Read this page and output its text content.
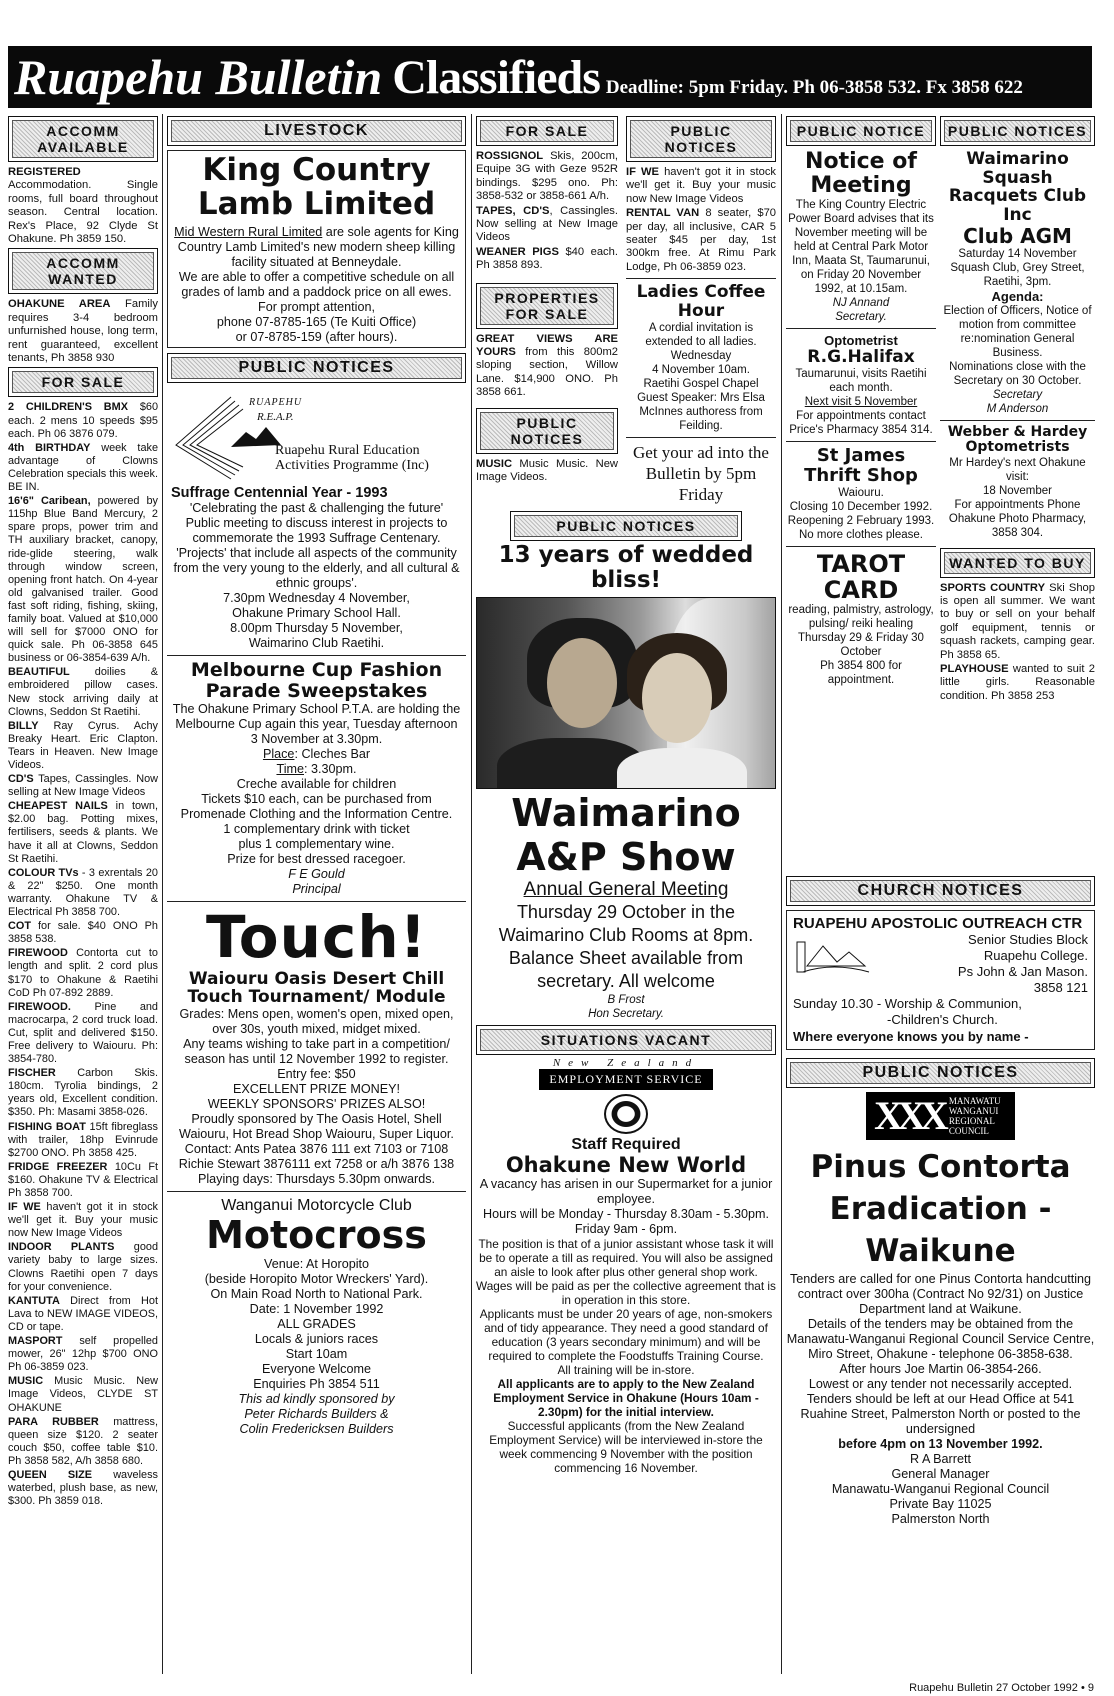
Ruapehu Bulletin Classifieds Deadline: 5pm Friday. Ph 06-3858 532. Fx 3858 622
ACCOMM AVAILABLE

REGISTERED Accommodation. Single rooms, full board throughout season. Central location. Rex's Place, 92 Clyde St Ohakune. Ph 3859 150.

ACCOMM WANTED

OHAKUNE AREA Family requires 3-4 bedroom unfurnished house, long term, rent guaranteed, excellent tenants, Ph 3858 930

FOR SALE

2 CHILDREN'S BMX $60 each. 2 mens 10 speeds $95 each. Ph 06 3876 079.

4th BIRTHDAY week take advantage of Clowns Celebration specials this week. BE IN.

16'6" Caribean, powered by 115hp Blue Band Mercury, 2 spare props, power trim and TH auxiliary bracket, canopy, ride-glide steering, walk through window screen, opening front hatch. On 4-year old galvanised trailer. Good fast soft riding, fishing, skiing, family boat. Valued at $10,000 will sell for $7000 ONO for quick sale. Ph 06-3858 645 business or 06-3854-639 A/h.

BEAUTIFUL doilies & embroidered pillow cases. New stock arriving daily at Clowns, Seddon St Raetihi.

BILLY Ray Cyrus. Achy Breaky Heart. Eric Clapton. Tears in Heaven. New Image Videos.

CD'S Tapes, Cassingles. Now selling at New Image Videos

CHEAPEST NAILS in town, $2.00 bag. Potting mixes, fertilisers, seeds & plants. We have it all at Clowns, Seddon St Raetihi.

COLOUR TVs - 3 exrentals 20 & 22" $250. One month warranty. Ohakune TV & Electrical Ph 3858 700.

COT for sale. $40 ONO Ph 3858 538.

FIREWOOD Contorta cut to length and split. 2 cord plus $170 to Ohakune & Raetihi CoD Ph 07-892 2889.

FIREWOOD. Pine and macrocarpa, 2 cord truck load. Cut, split and delivered $150. Free delivery to Waiouru. Ph: 3854-780.

FISCHER Carbon Skis. 180cm. Tyrolia bindings, 2 years old, Excellent condition. $350. Ph: Masami 3858-026.

FISHING BOAT 15ft fibreglass with trailer, 18hp Evinrude $2700 ONO. Ph 3858 425.

FRIDGE FREEZER 10Cu Ft $160. Ohakune TV & Electrical Ph 3858 700.

IF WE haven't got it in stock we'll get it. Buy your music now New Image Videos

INDOOR PLANTS good variety baby to large sizes. Clowns Raetihi open 7 days for your convenience.

KANTUTA Direct from Hot Lava to NEW IMAGE VIDEOS, CD or tape.

MASPORT self propelled mower, 26" 12hp $700 ONO Ph 06-3859 023.

MUSIC Music Music. New Image Videos, CLYDE ST OHAKUNE

PARA RUBBER mattress, queen size $120. 2 seater couch $50, coffee table $10. Ph 3858 582, A/h 3858 680.

QUEEN SIZE waveless waterbed, plush base, as new, $300. Ph 3859 018.

LIVESTOCK
King Country Lamb Limited
Mid Western Rural Limited are sole agents for King Country Lamb Limited's new modern sheep killing facility situated at Benneydale.
We are able to offer a competitive schedule on all grades of lamb and a paddock price on all ewes.
For prompt attention,
phone 07-8785-165 (Te Kuiti Office)
or 07-8785-159 (after hours).
PUBLIC NOTICES
RUAPEHU
R.E.A.P.
Ruapehu Rural Education
Activities Programme (Inc)
Suffrage Centennial Year - 1993
'Celebrating the past & challenging the future' Public meeting to discuss interest in projects to commemorate the 1993 Suffrage Centenary. 'Projects' that include all aspects of the community from the very young to the elderly, and all cultural & ethnic groups'.
7.30pm Wednesday 4 November,
Ohakune Primary School Hall.
8.00pm Thursday 5 November,
Waimarino Club Raetihi.
Melbourne Cup Fashion Parade Sweepstakes
The Ohakune Primary School P.T.A. are holding the Melbourne Cup again this year, Tuesday afternoon 3 November at 3.30pm.
Place: Cleches Bar
Time: 3.30pm.
Creche available for children
Tickets $10 each, can be purchased from Promenade Clothing and the Information Centre.
1 complementary drink with ticket
plus 1 complementary wine.
Prize for best dressed racegoer.
F E Gould
Principal
Touch!
Waiouru Oasis Desert Chill Touch Tournament/ Module
Grades: Mens open, women's open, mixed open, over 30s, youth mixed, midget mixed.
Any teams wishing to take part in a competition/ season has until 12 November 1992 to register.
Entry fee: $50
EXCELLENT PRIZE MONEY!
WEEKLY SPONSORS' PRIZES ALSO!
Proudly sponsored by The Oasis Hotel, Shell Waiouru, Hot Bread Shop Waiouru, Super Liquor.
Contact: Ants Patea 3876 111 ext 7103 or 7108 Richie Stewart 3876111 ext 7258 or a/h 3876 138
Playing days: Thursdays 5.30pm onwards.
Wanganui Motorcycle Club
Motocross
Venue: At Horopito
(beside Horopito Motor Wreckers' Yard).
On Main Road North to National Park.
Date: 1 November 1992
ALL GRADES
Locals & juniors races
Start 10am
Everyone Welcome
Enquiries Ph 3854 511
This ad kindly sponsored by
Peter Richards Builders &
Colin Fredericksen Builders
FOR SALE

ROSSIGNOL Skis, 200cm, Equipe 3G with Geze 952R bindings. $295 ono. Ph: 3858-532 or 3858-661 A/h.

TAPES, CD'S, Cassingles. Now selling at New Image Videos

WEANER PIGS $40 each. Ph 3858 893.

PROPERTIES FOR SALE

GREAT VIEWS ARE YOURS from this 800m2 sloping section, Willow Lane. $14,900 ONO. Ph 3858 661.

PUBLIC NOTICES

MUSIC Music Music. New Image Videos.

PUBLIC NOTICES

IF WE haven't got it in stock we'll get it. Buy your music now New Image Videos

RENTAL VAN 8 seater, $70 per day, all inclusive, CAR 5 seater $45 per day, 1st 300km free. At Rimu Park Lodge, Ph 06-3859 023.

Ladies Coffee Hour
A cordial invitation is extended to all ladies.
Wednesday
4 November 10am.
Raetihi Gospel Chapel
Guest Speaker: Mrs Elsa McInnes authoress from Feilding.
Get your ad into the Bulletin by 5pm Friday
PUBLIC NOTICES
13 years of wedded bliss!
Waimarino
A&P Show
Annual General Meeting
Thursday 29 October in the Waimarino Club Rooms at 8pm. Balance Sheet available from secretary. All welcome
B Frost
Hon Secretary.
SITUATIONS VACANT
New Zealand
EMPLOYMENT SERVICE
Staff Required
Ohakune New World
A vacancy has arisen in our Supermarket for a junior employee.
Hours will be Monday - Thursday 8.30am - 5.30pm. Friday 9am - 6pm.
The position is that of a junior assistant whose task it will be to operate a till as required. You will also be assigned an aisle to look after plus other general shop work.
Wages will be paid as per the collective agreement that is in operation in this store.
Applicants must be under 20 years of age, non-smokers and of tidy appearance. They need a good standard of education (3 years secondary minimum) and will be required to complete the Foodstuffs Training Course.
All training will be in-store.
All applicants are to apply to the New Zealand Employment Service in Ohakune (Hours 10am - 2.30pm) for the initial interview.
Successful applicants (from the New Zealand Employment Service) will be interviewed in-store the week commencing 9 November with the position commencing 16 November.
PUBLIC NOTICE
Notice of Meeting
The King Country Electric Power Board advises that its November meeting will be held at Central Park Motor Inn, Maata St, Taumarunui, on Friday 20 November 1992, at 10.15am.
NJ Annand
Secretary.
Optometrist
R.G.Halifax
Taumarunui, visits Raetihi each month.
Next visit 5 November
For appointments contact Price's Pharmacy 3854 314.
St James Thrift Shop
Waiouru.
Closing 10 December 1992. Reopening 2 February 1993.
No more clothes please.
TAROT CARD
reading, palmistry, astrology, pulsing/ reiki healing
Thursday 29 & Friday 30 October
Ph 3854 800 for appointment.
PUBLIC NOTICES
Waimarino Squash Racquets Club Inc
Club AGM
Saturday 14 November Squash Club, Grey Street, Raetihi, 3pm.
Agenda:
Election of Officers, Notice of motion from committee re:nomination General Business.
Nominations close with the Secretary on 30 October.
Secretary
M Anderson
Webber & Hardey Optometrists
Mr Hardey's next Ohakune visit:
18 November
For appointments Phone Ohakune Photo Pharmacy, 3858 304.
WANTED TO BUY

SPORTS COUNTRY Ski Shop is open all summer. We want to buy or sell on your behalf golf equipment, tennis or squash rackets, camping gear. Ph 3858 65.

PLAYHOUSE wanted to suit 2 little girls. Reasonable condition. Ph 3858 253

CHURCH NOTICES
RUAPEHU APOSTOLIC OUTREACH CTR
Senior Studies Block
Ruapehu College.
Ps John & Jan Mason.
3858 121
Sunday 10.30 - Worship & Communion,
-Children's Church.
Where everyone knows you by name -
PUBLIC NOTICES
XXX MANAWATU WANGANUI REGIONAL COUNCIL
Pinus Contorta Eradication - Waikune
Tenders are called for one Pinus Contorta handcutting contract over 300ha (Contract No 92/31) on Justice Department land at Waikune.
Details of the tenders may be obtained from the Manawatu-Wanganui Regional Council Service Centre, Miro Street, Ohakune - telephone 06-3858-638.
After hours Joe Martin 06-3854-266.
Lowest or any tender not necessarily accepted.
Tenders should be left at our Head Office at 541 Ruahine Street, Palmerston North or posted to the undersigned
before 4pm on 13 November 1992.
R A Barrett
General Manager
Manawatu-Wanganui Regional Council
Private Bay 11025
Palmerston North
Ruapehu Bulletin 27 October 1992 • 9
